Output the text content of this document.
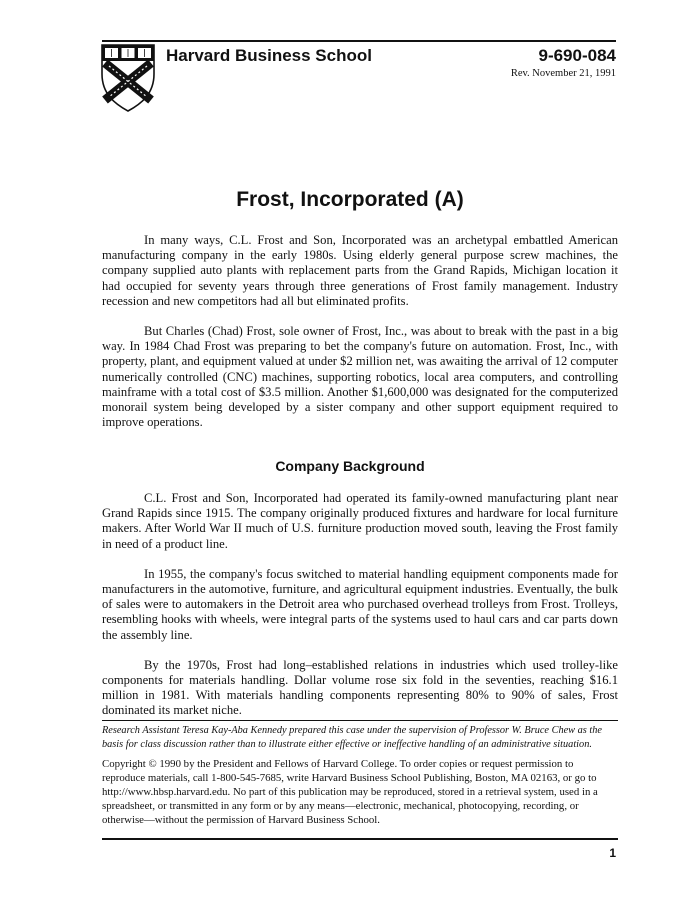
Harvard Business School	9-690-084
Rev. November 21, 1991
Frost, Incorporated (A)

In many ways, C.L. Frost and Son, Incorporated was an archetypal embattled American manufacturing company in the early 1980s. Using elderly general purpose screw machines, the company supplied auto plants with replacement parts from the Grand Rapids, Michigan location it had occupied for seventy years through three generations of Frost family management. Industry recession and new competitors had all but eliminated profits.

But Charles (Chad) Frost, sole owner of Frost, Inc., was about to break with the past in a big way. In 1984 Chad Frost was preparing to bet the company's future on automation. Frost, Inc., with property, plant, and equipment valued at under $2 million net, was awaiting the arrival of 12 computer numerically controlled (CNC) machines, supporting robotics, local area computers, and controlling mainframe with a total cost of $3.5 million. Another $1,600,000 was designated for the computerized monorail system being developed by a sister company and other support equipment required to improve operations.

Company Background

C.L. Frost and Son, Incorporated had operated its family-owned manufacturing plant near Grand Rapids since 1915. The company originally produced fixtures and hardware for local furniture makers. After World War II much of U.S. furniture production moved south, leaving the Frost family in need of a product line.

In 1955, the company's focus switched to material handling equipment components made for manufacturers in the automotive, furniture, and agricultural equipment industries. Eventually, the bulk of sales were to automakers in the Detroit area who purchased overhead trolleys from Frost. Trolleys, resembling hooks with wheels, were integral parts of the systems used to haul cars and car parts down the assembly line.

By the 1970s, Frost had long–established relations in industries which used trolley-like components for materials handling. Dollar volume rose six fold in the seventies, reaching $16.1 million in 1981. With materials handling components representing 80% to 90% of sales, Frost dominated its market niche.

Research Assistant Teresa Kay-Aba Kennedy prepared this case under the supervision of Professor W. Bruce Chew as the basis for class discussion rather than to illustrate either effective or ineffective handling of an administrative situation.
Copyright © 1990 by the President and Fellows of Harvard College. To order copies or request permission to reproduce materials, call 1-800-545-7685, write Harvard Business School Publishing, Boston, MA 02163, or go to http://www.hbsp.harvard.edu. No part of this publication may be reproduced, stored in a retrieval system, used in a spreadsheet, or transmitted in any form or by any means—electronic, mechanical, photocopying, recording, or otherwise—without the permission of Harvard Business School.
1
